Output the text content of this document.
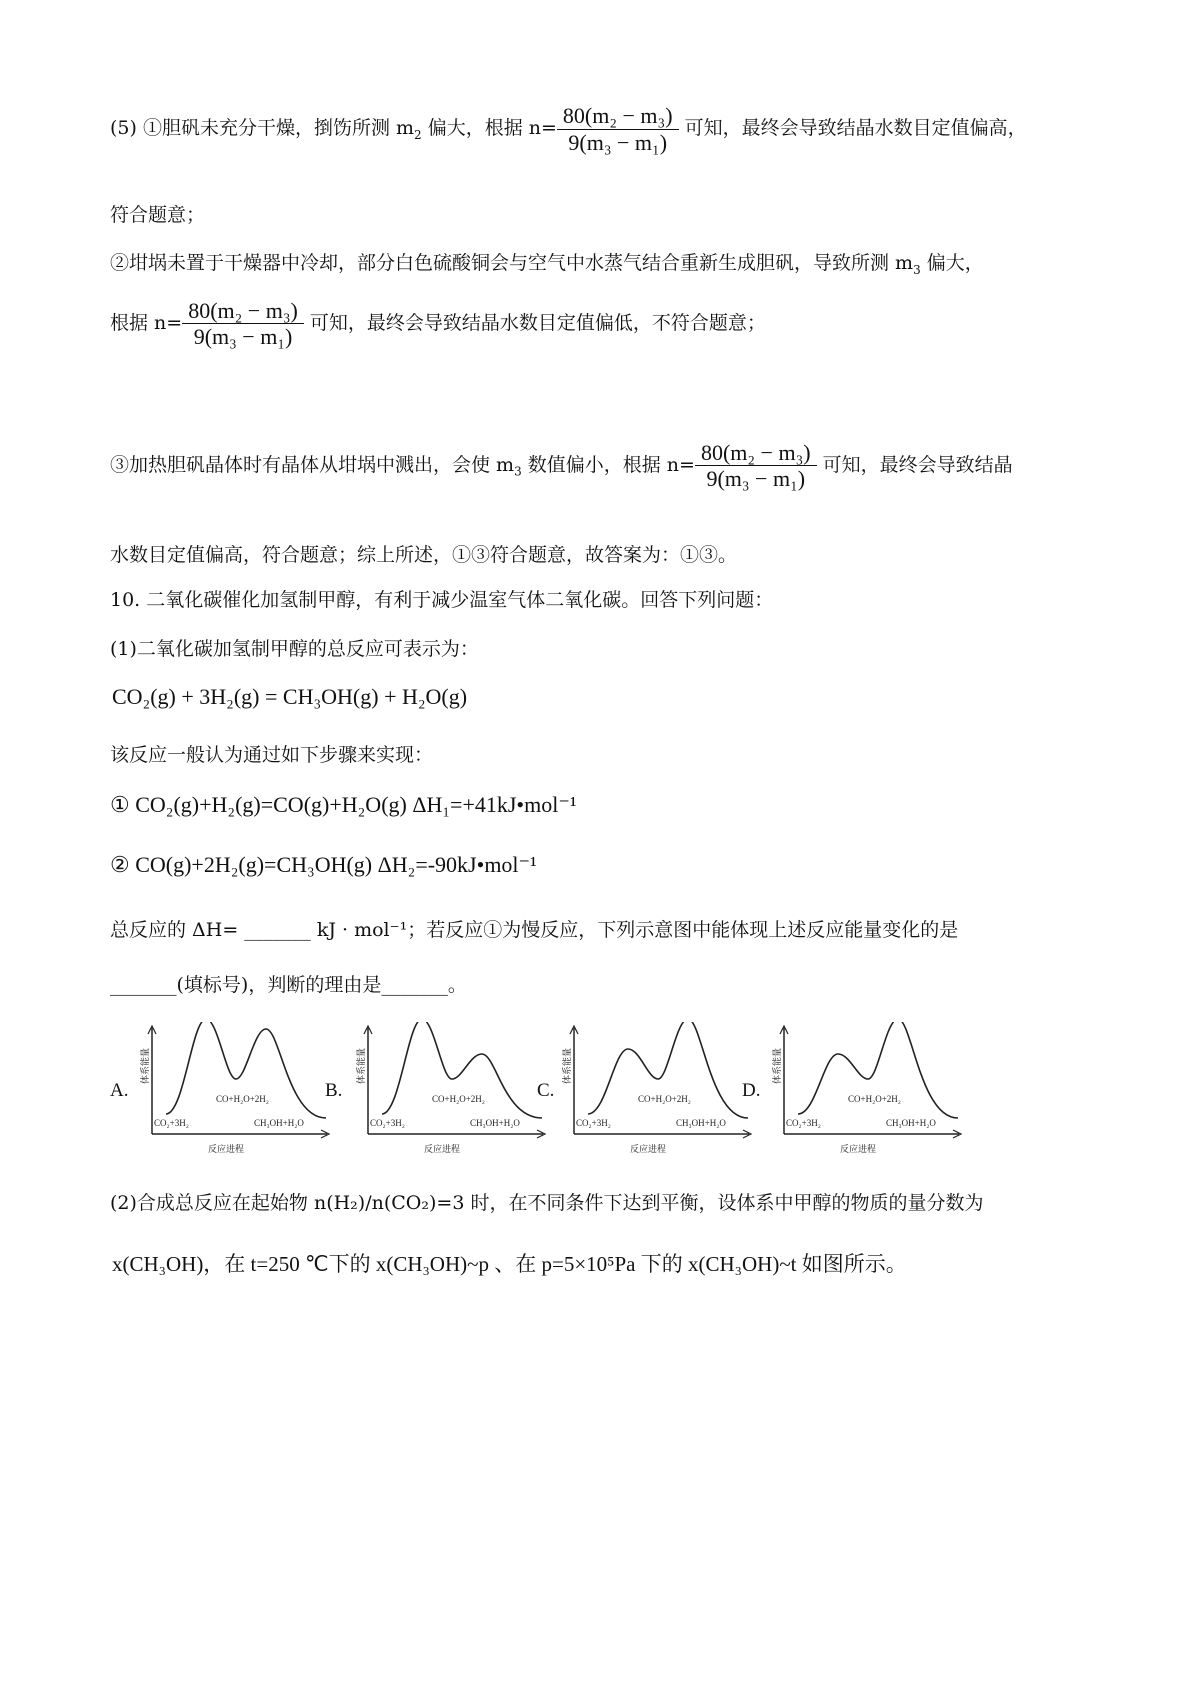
(5) ①胆矾未充分干燥，捯饬所测 $m_2$ 偏大，根据 $n= \frac{\text{80(m₂ − m₃)}}{\text{9(m₃ − m₁)}}$ 可知，最终会导致结晶水数目定值偏高，
符合题意；
②坩埚未置于干燥器中冷却，部分白色硫酸铜会与空气中水蒸气结合重新生成胆矾，导致所测 $m_3$ 偏大，
根据 $n= \frac{\text{80(m₂ − m₃)}}{\text{9(m₃ − m₁)}}$ 可知，最终会导致结晶水数目定值偏低，不符合题意；
③加热胆矾晶体时有晶体从坩埚中溅出，会使 $m_3$ 数值偏小，根据 $n= \frac{\text{80(m₂ − m₃)}}{\text{9(m₃ − m₁)}}$ 可知，最终会导致结晶
水数目定值偏高，符合题意；综上所述，①③符合题意，故答案为：①③。
10. 二氧化碳催化加氢制甲醇，有利于减少温室气体二氧化碳。回答下列问题：
(1)二氧化碳加氢制甲醇的总反应可表示为：
CO₂(g) + 3H₂(g) = CH₃OH(g) + H₂O(g)
该反应一般认为通过如下步骤来实现：
① CO₂(g)+H₂(g)=CO(g)+H₂O(g) ΔH₁=+41kJ•mol⁻¹
② CO(g)+2H₂(g)=CH₃OH(g) ΔH₂=-90kJ•mol⁻¹
总反应的 ΔH= _______ kJ · mol⁻¹；若反应①为慢反应，下列示意图中能体现上述反应能量变化的是
_______(填标号)，判断的理由是_______。
A.
体系能量
反应进程
CO₂+3H₂
CO+H₂O+2H₂
CH₃OH+H₂O
B.
体系能量
反应进程
CO₂+3H₂
CO+H₂O+2H₂
CH₃OH+H₂O
C.
体系能量
反应进程
CO₂+3H₂
CO+H₂O+2H₂
CH₃OH+H₂O
D.
体系能量
反应进程
CO₂+3H₂
CO+H₂O+2H₂
CH₃OH+H₂O
(2)合成总反应在起始物 n(H₂)/n(CO₂)=3 时，在不同条件下达到平衡，设体系中甲醇的物质的量分数为
x(CH₃OH)，在 t=250 ℃下的 x(CH₃OH)~p 、在 p=5×10⁵Pa 下的 x(CH₃OH)~t 如图所示。
